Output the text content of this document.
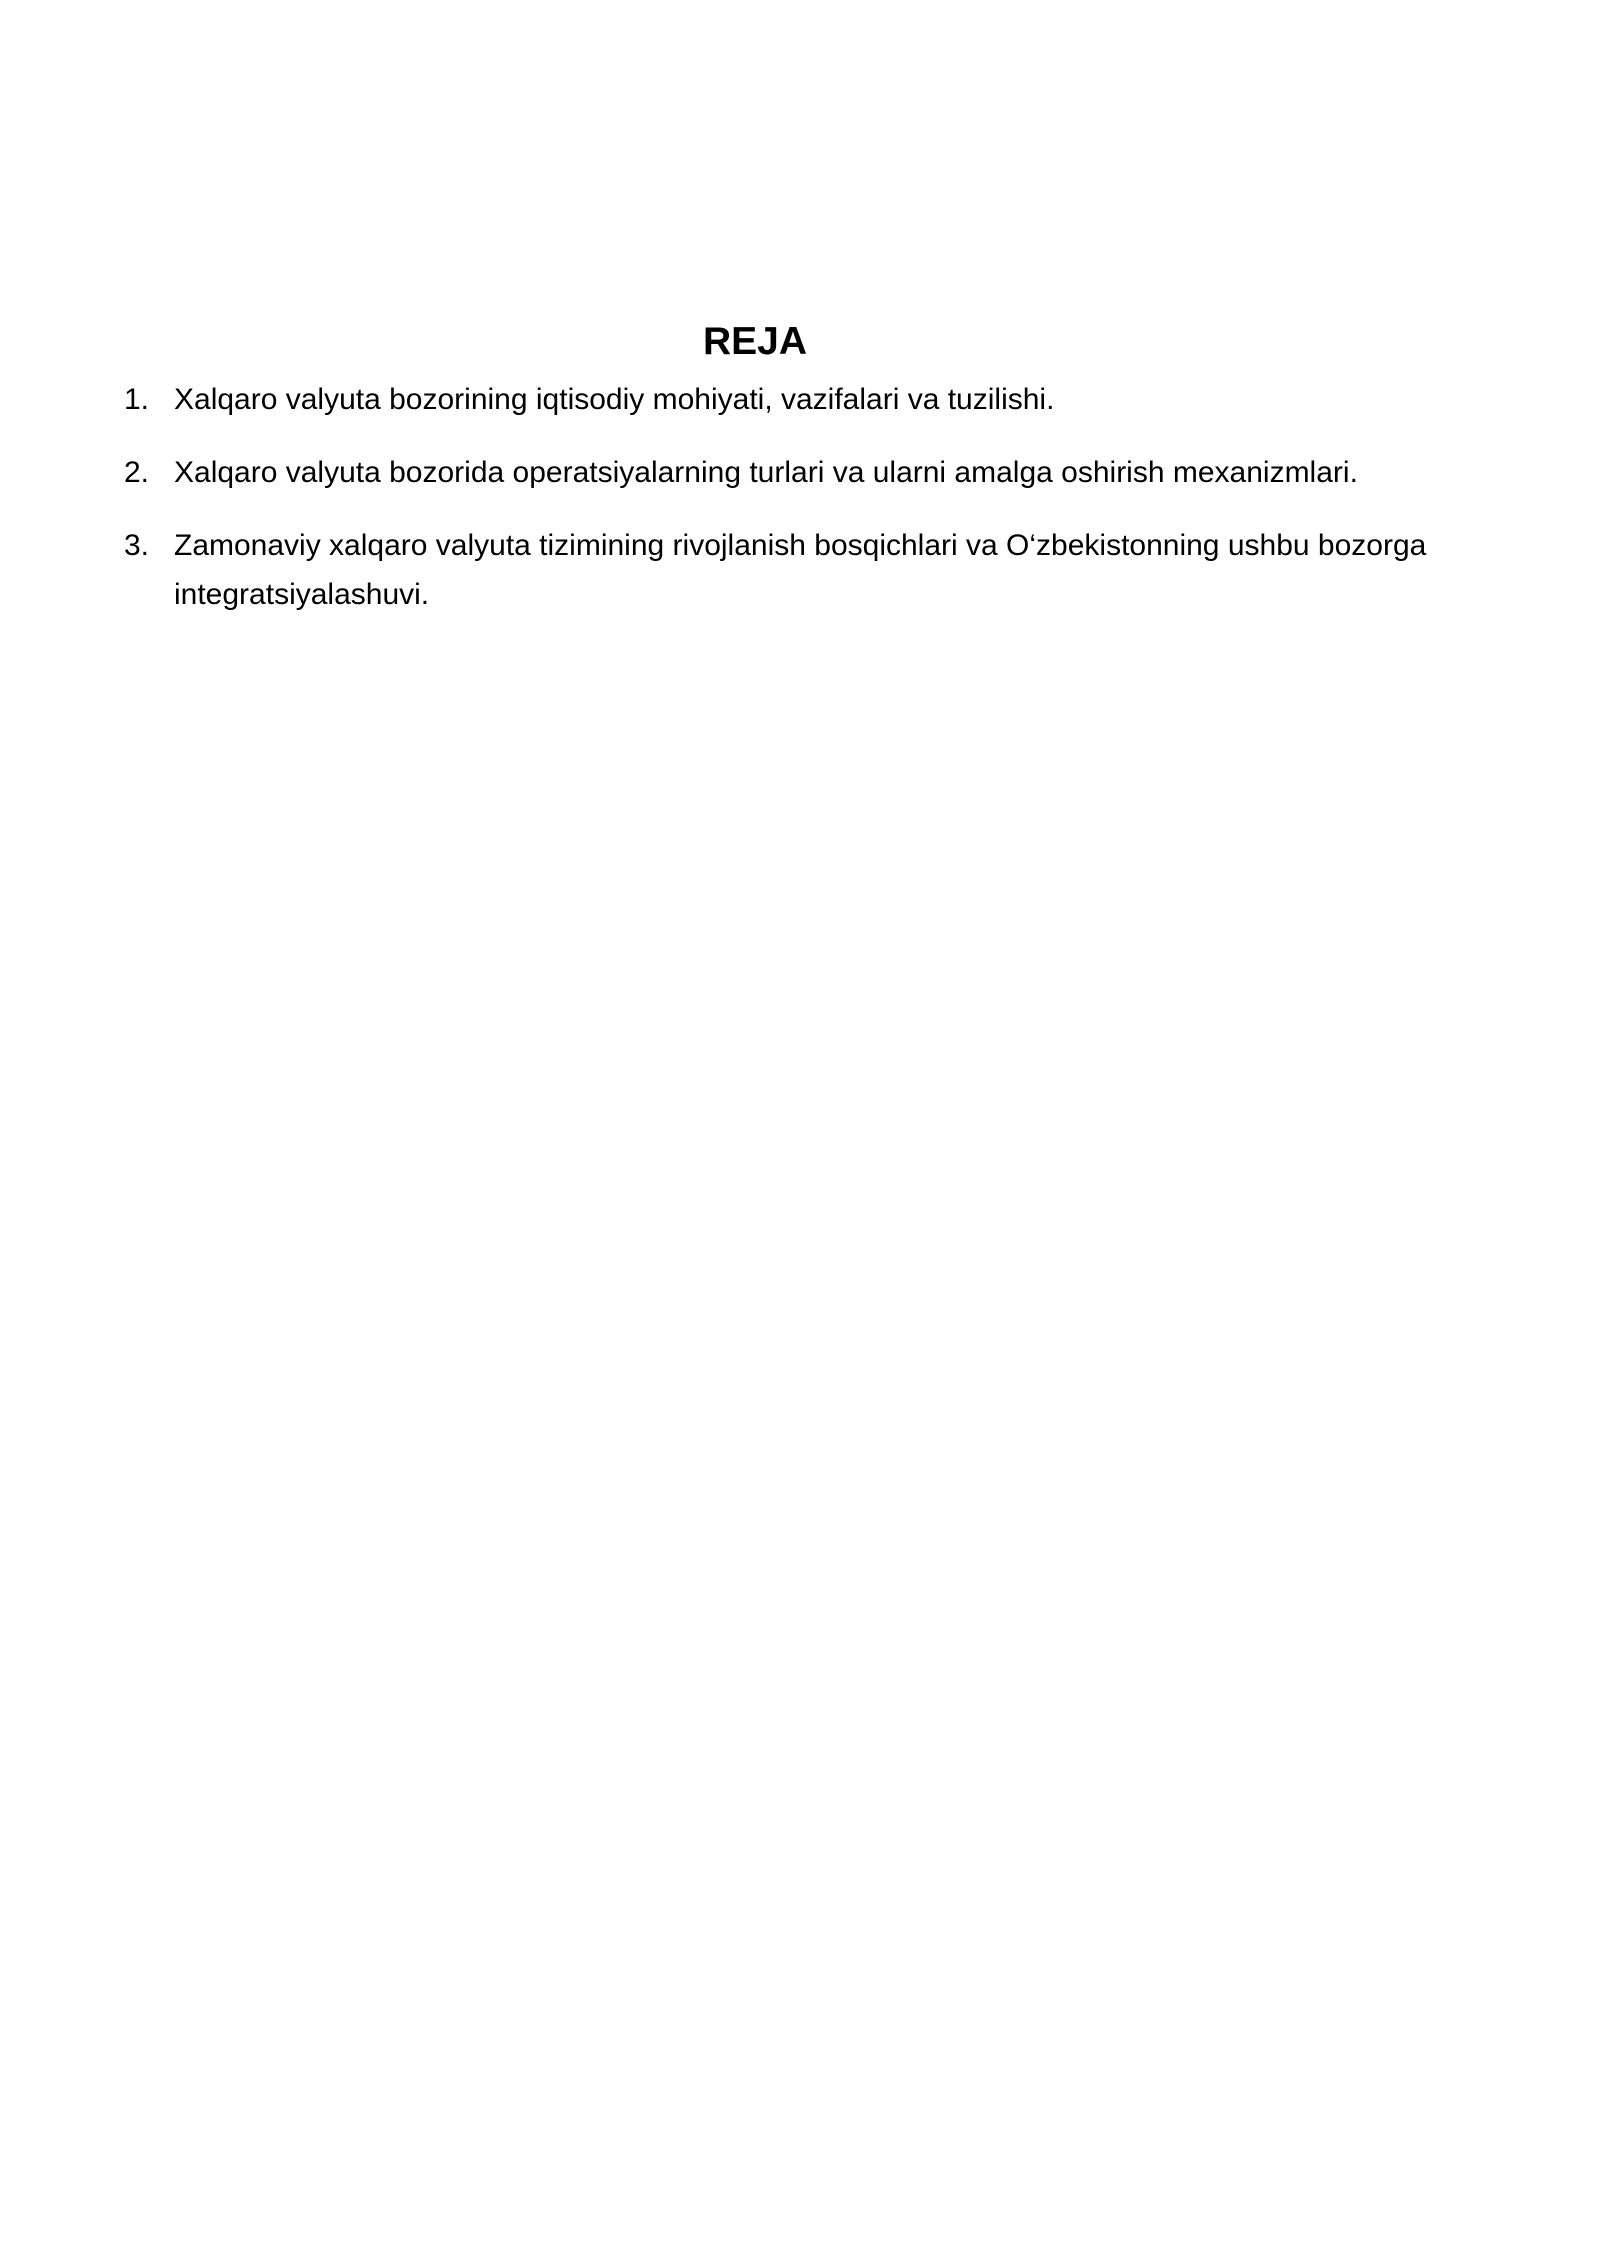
REJA
1. Xalqaro valyuta bozorining iqtisodiy mohiyati, vazifalari va tuzilishi.
2. Xalqaro valyuta bozorida operatsiyalarning turlari va ularni amalga oshirish mexanizmlari.
3. Zamonaviy xalqaro valyuta tizimining rivojlanish bosqichlari va O‘zbekistonning ushbu bozorga integratsiyalashuvi.
